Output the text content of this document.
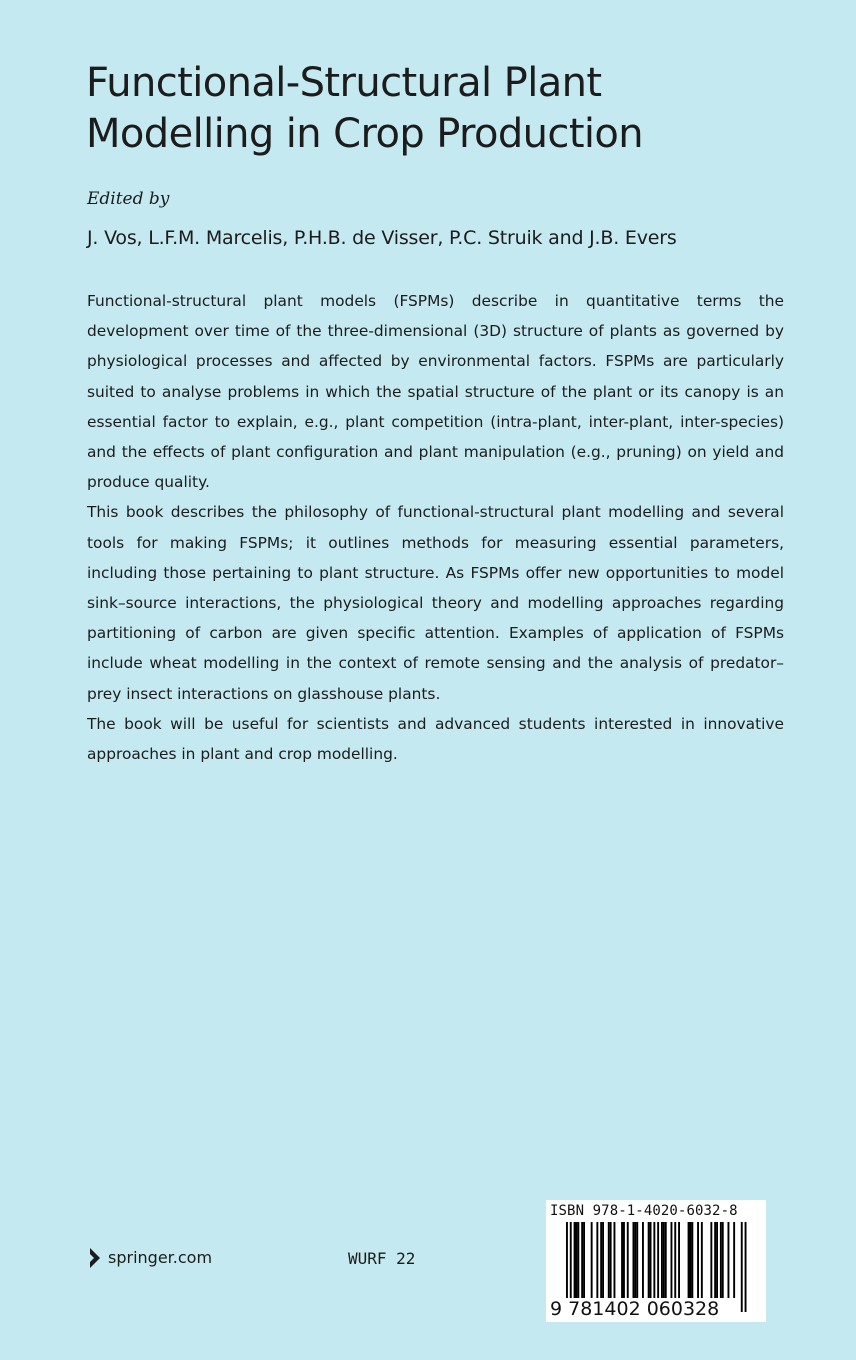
Functional-Structural Plant
Modelling in Crop Production
Edited by
J. Vos, L.F.M. Marcelis, P.H.B. de Visser, P.C. Struik and J.B. Evers

Functional-structural plant models (FSPMs) describe in quantitative terms the development over time of the three-dimensional (3D) structure of plants as governed by physiological processes and affected by environmental factors. FSPMs are particularly suited to analyse problems in which the spatial structure of the plant or its canopy is an essential factor to explain, e.g., plant competition (intra-plant, inter-plant, inter-species) and the effects of plant configuration and plant manipulation (e.g., pruning) on yield and produce quality.

This book describes the philosophy of functional-structural plant modelling and several tools for making FSPMs; it outlines methods for measuring essential parameters, including those pertaining to plant structure. As FSPMs offer new opportunities to model sink–source interactions, the physiological theory and modelling approaches regarding partitioning of carbon are given specific attention. Examples of application of FSPMs include wheat modelling in the context of remote sensing and the analysis of predator–prey insect interactions on glasshouse plants.

The book will be useful for scientists and advanced students interested in innovative approaches in plant and crop modelling.

springer.com	WURF 22
ISBN 978-1-4020-6032-8
9 781402 060328
